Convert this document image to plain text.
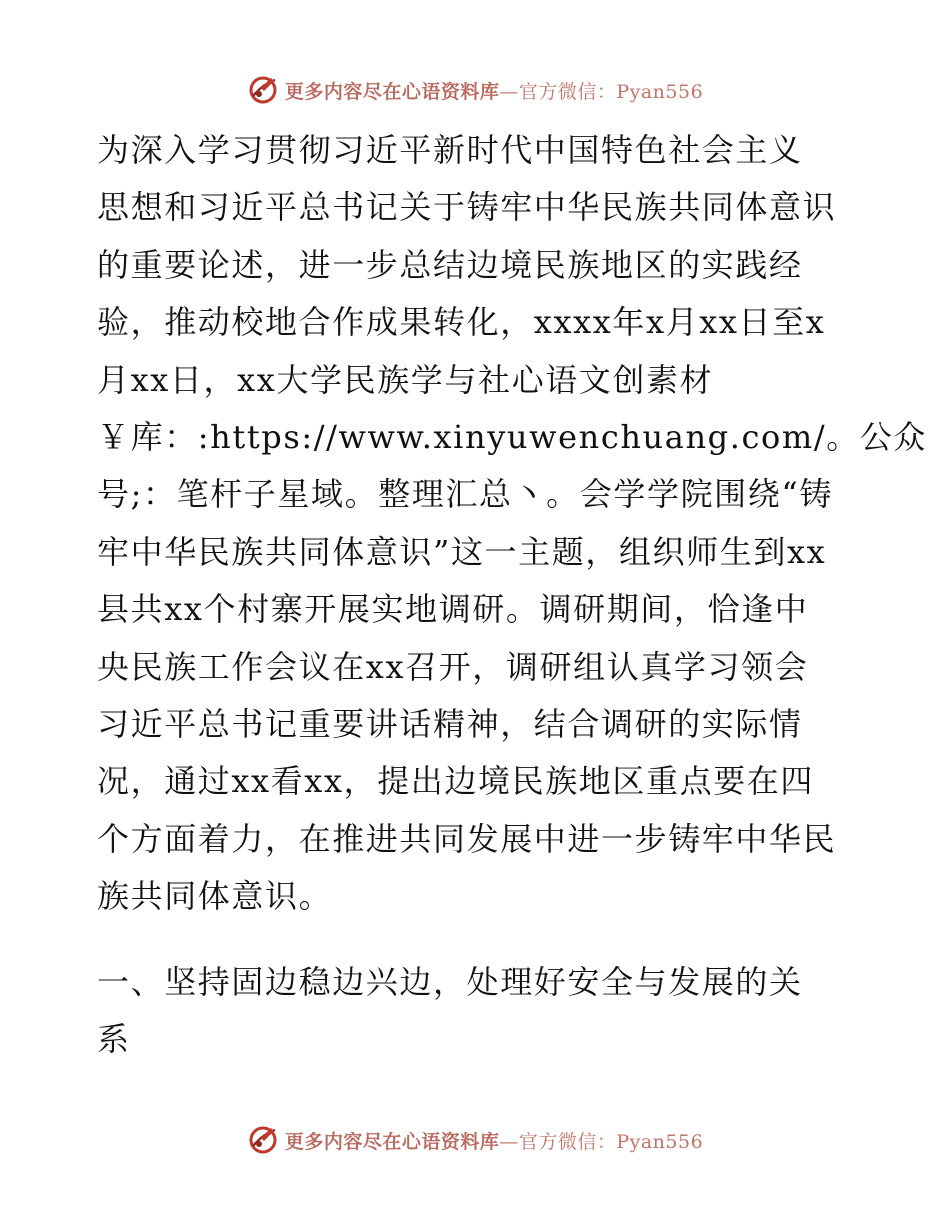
更多内容尽在心语资料库—官方微信：Pyan556
为深入学习贯彻习近平新时代中国特色社会主义
思想和习近平总书记关于铸牢中华民族共同体意识
的重要论述，进一步总结边境民族地区的实践经
验，推动校地合作成果转化，xxxx年x月xx日至x
月xx日，xx大学民族学与社心语文创素材
￥库：:https://www.xinyuwenchuang.com/。公众
号;：笔杆子星域。整理汇总丶。会学学院围绕“铸
牢中华民族共同体意识”这一主题，组织师生到xx
县共xx个村寨开展实地调研。调研期间，恰逢中
央民族工作会议在xx召开，调研组认真学习领会
习近平总书记重要讲话精神，结合调研的实际情
况，通过xx看xx，提出边境民族地区重点要在四
个方面着力，在推进共同发展中进一步铸牢中华民
族共同体意识。
一、坚持固边稳边兴边，处理好安全与发展的关
系
更多内容尽在心语资料库—官方微信：Pyan556
